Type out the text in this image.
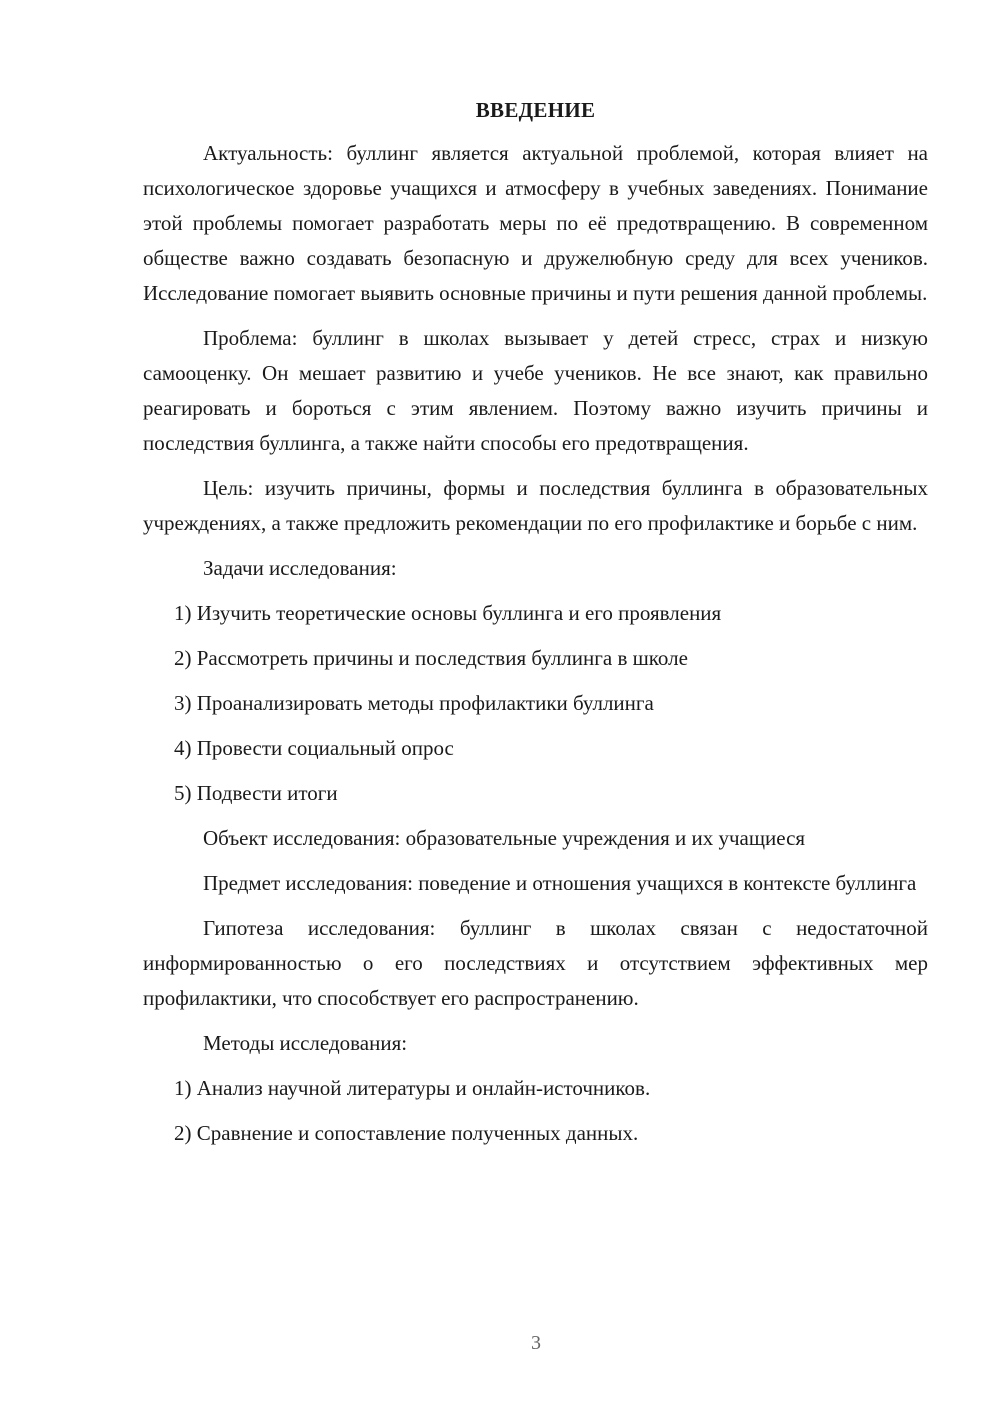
ВВЕДЕНИЕ

Актуальность: буллинг является актуальной проблемой, которая влияет на психологическое здоровье учащихся и атмосферу в учебных заведениях. Понимание этой проблемы помогает разработать меры по её предотвращению. В современном обществе важно создавать безопасную и дружелюбную среду для всех учеников. Исследование помогает выявить основные причины и пути решения данной проблемы.

Проблема: буллинг в школах вызывает у детей стресс, страх и низкую самооценку. Он мешает развитию и учебе учеников. Не все знают, как правильно реагировать и бороться с этим явлением. Поэтому важно изучить причины и последствия буллинга, а также найти способы его предотвращения.

Цель: изучить причины, формы и последствия буллинга в образовательных учреждениях, а также предложить рекомендации по его профилактике и борьбе с ним.

Задачи исследования:

1) Изучить теоретические основы буллинга и его проявления

2) Рассмотреть причины и последствия буллинга в школе

3) Проанализировать методы профилактики буллинга

4) Провести социальный опрос

5) Подвести итоги

Объект исследования: образовательные учреждения и их учащиеся

Предмет исследования: поведение и отношения учащихся в контексте буллинга

Гипотеза исследования: буллинг в школах связан с недостаточной информированностью о его последствиях и отсутствием эффективных мер профилактики, что способствует его распространению.

Методы исследования:

1) Анализ научной литературы и онлайн-источников.

2) Сравнение и сопоставление полученных данных.

3
